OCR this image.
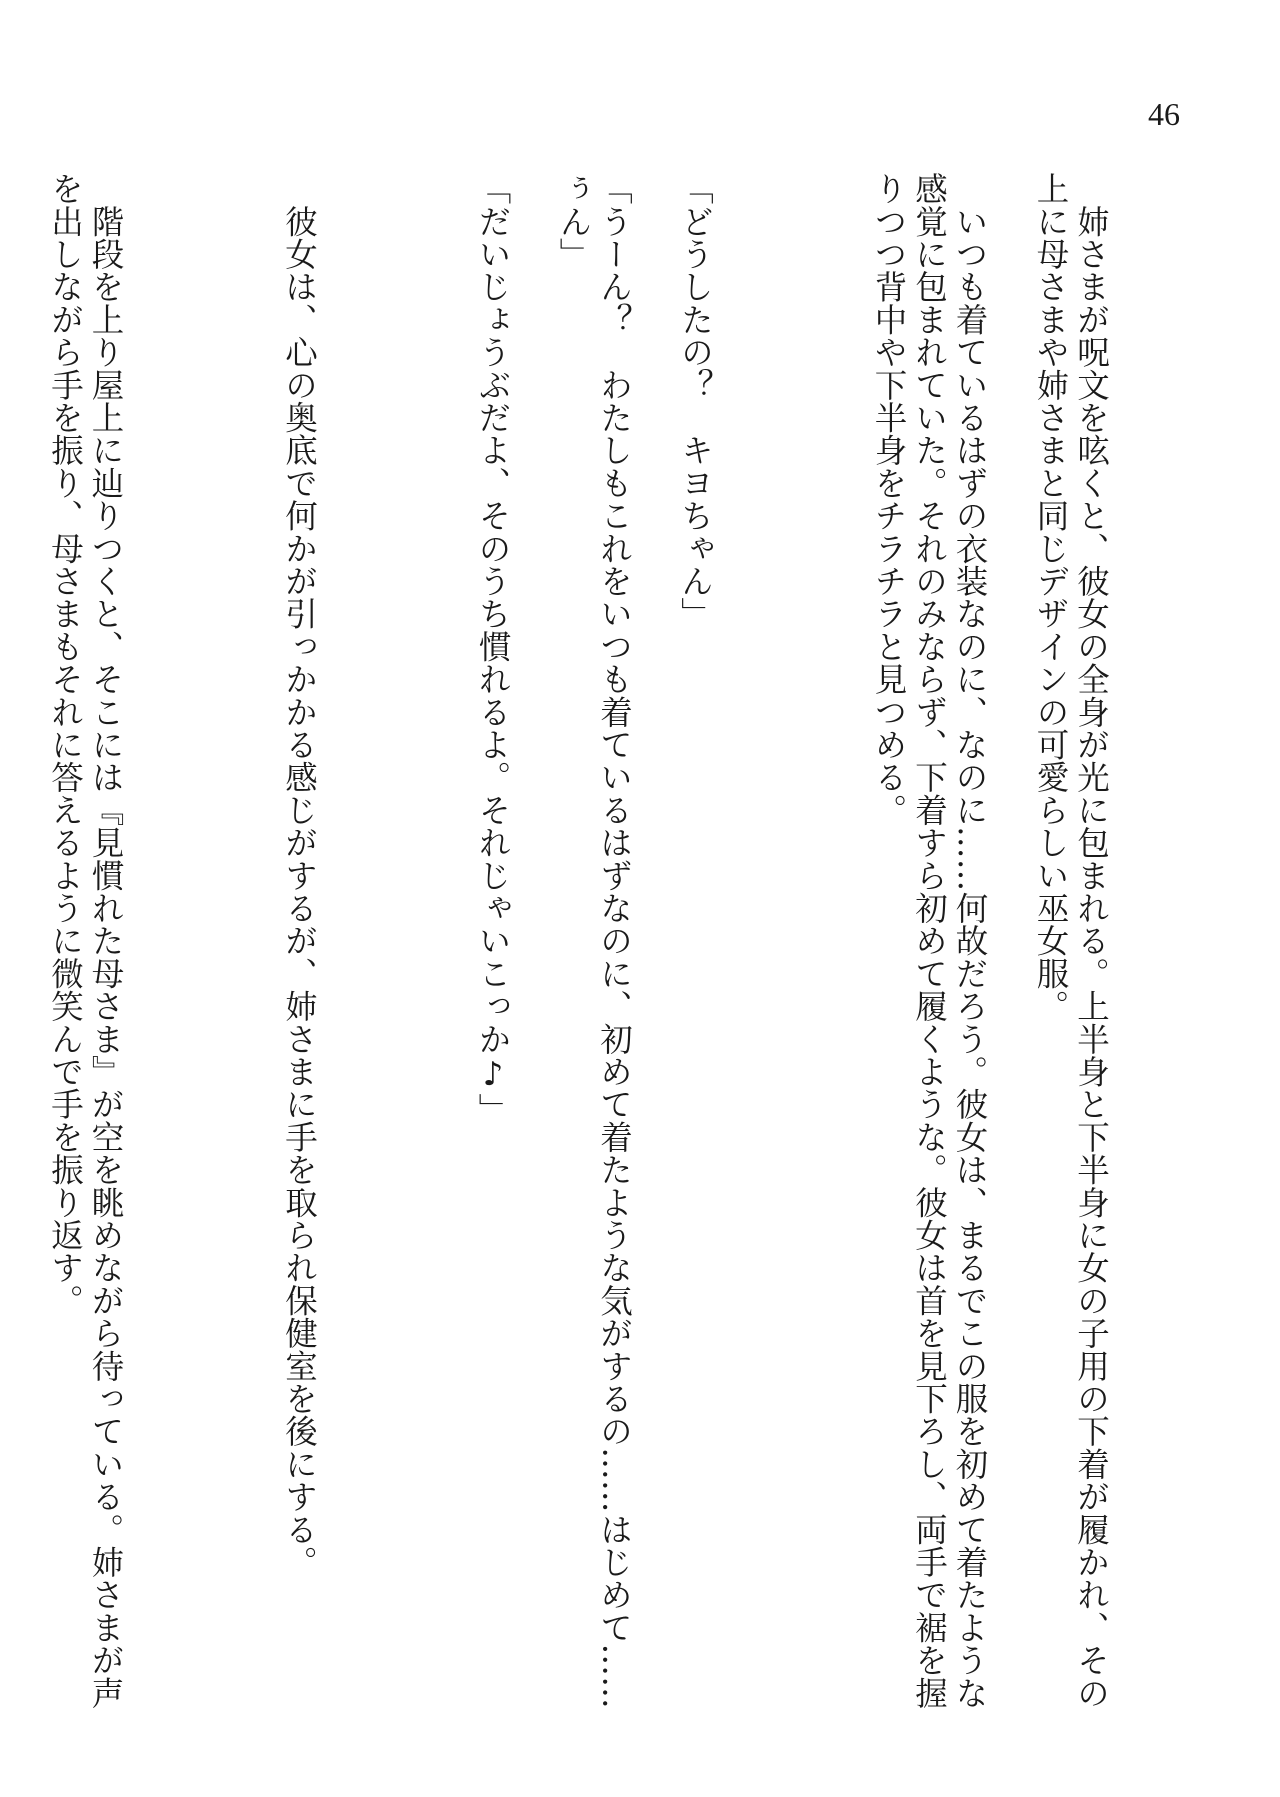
46

　姉さまが呪文を呟くと、彼女の全身が光に包まれる。上半身と下半身に女の子用の下着が履かれ、その上に母さまや姉さまと同じデザインの可愛らしい巫女服。

　いつも着ているはずの衣装なのに、なのに……何故だろう。彼女は、まるでこの服を初めて着たような感覚に包まれていた。それのみならず、下着すら初めて履くような。彼女は首を見下ろし、両手で裾を握りつつ背中や下半身をチラチラと見つめる。

「どうしたの？　キヨちゃん」

「うーん？　わたしもこれをいつも着ているはずなのに、初めて着たような気がするの……はじめて……ぅん」

「だいじょうぶだよ、そのうち慣れるよ。それじゃいこっか♪」

　彼女は、心の奥底で何かが引っかかる感じがするが、姉さまに手を取られ保健室を後にする。

　階段を上り屋上に辿りつくと、そこには『見慣れた母さま』が空を眺めながら待っている。姉さまが声を出しながら手を振り、母さまもそれに答えるように微笑んで手を振り返す。
